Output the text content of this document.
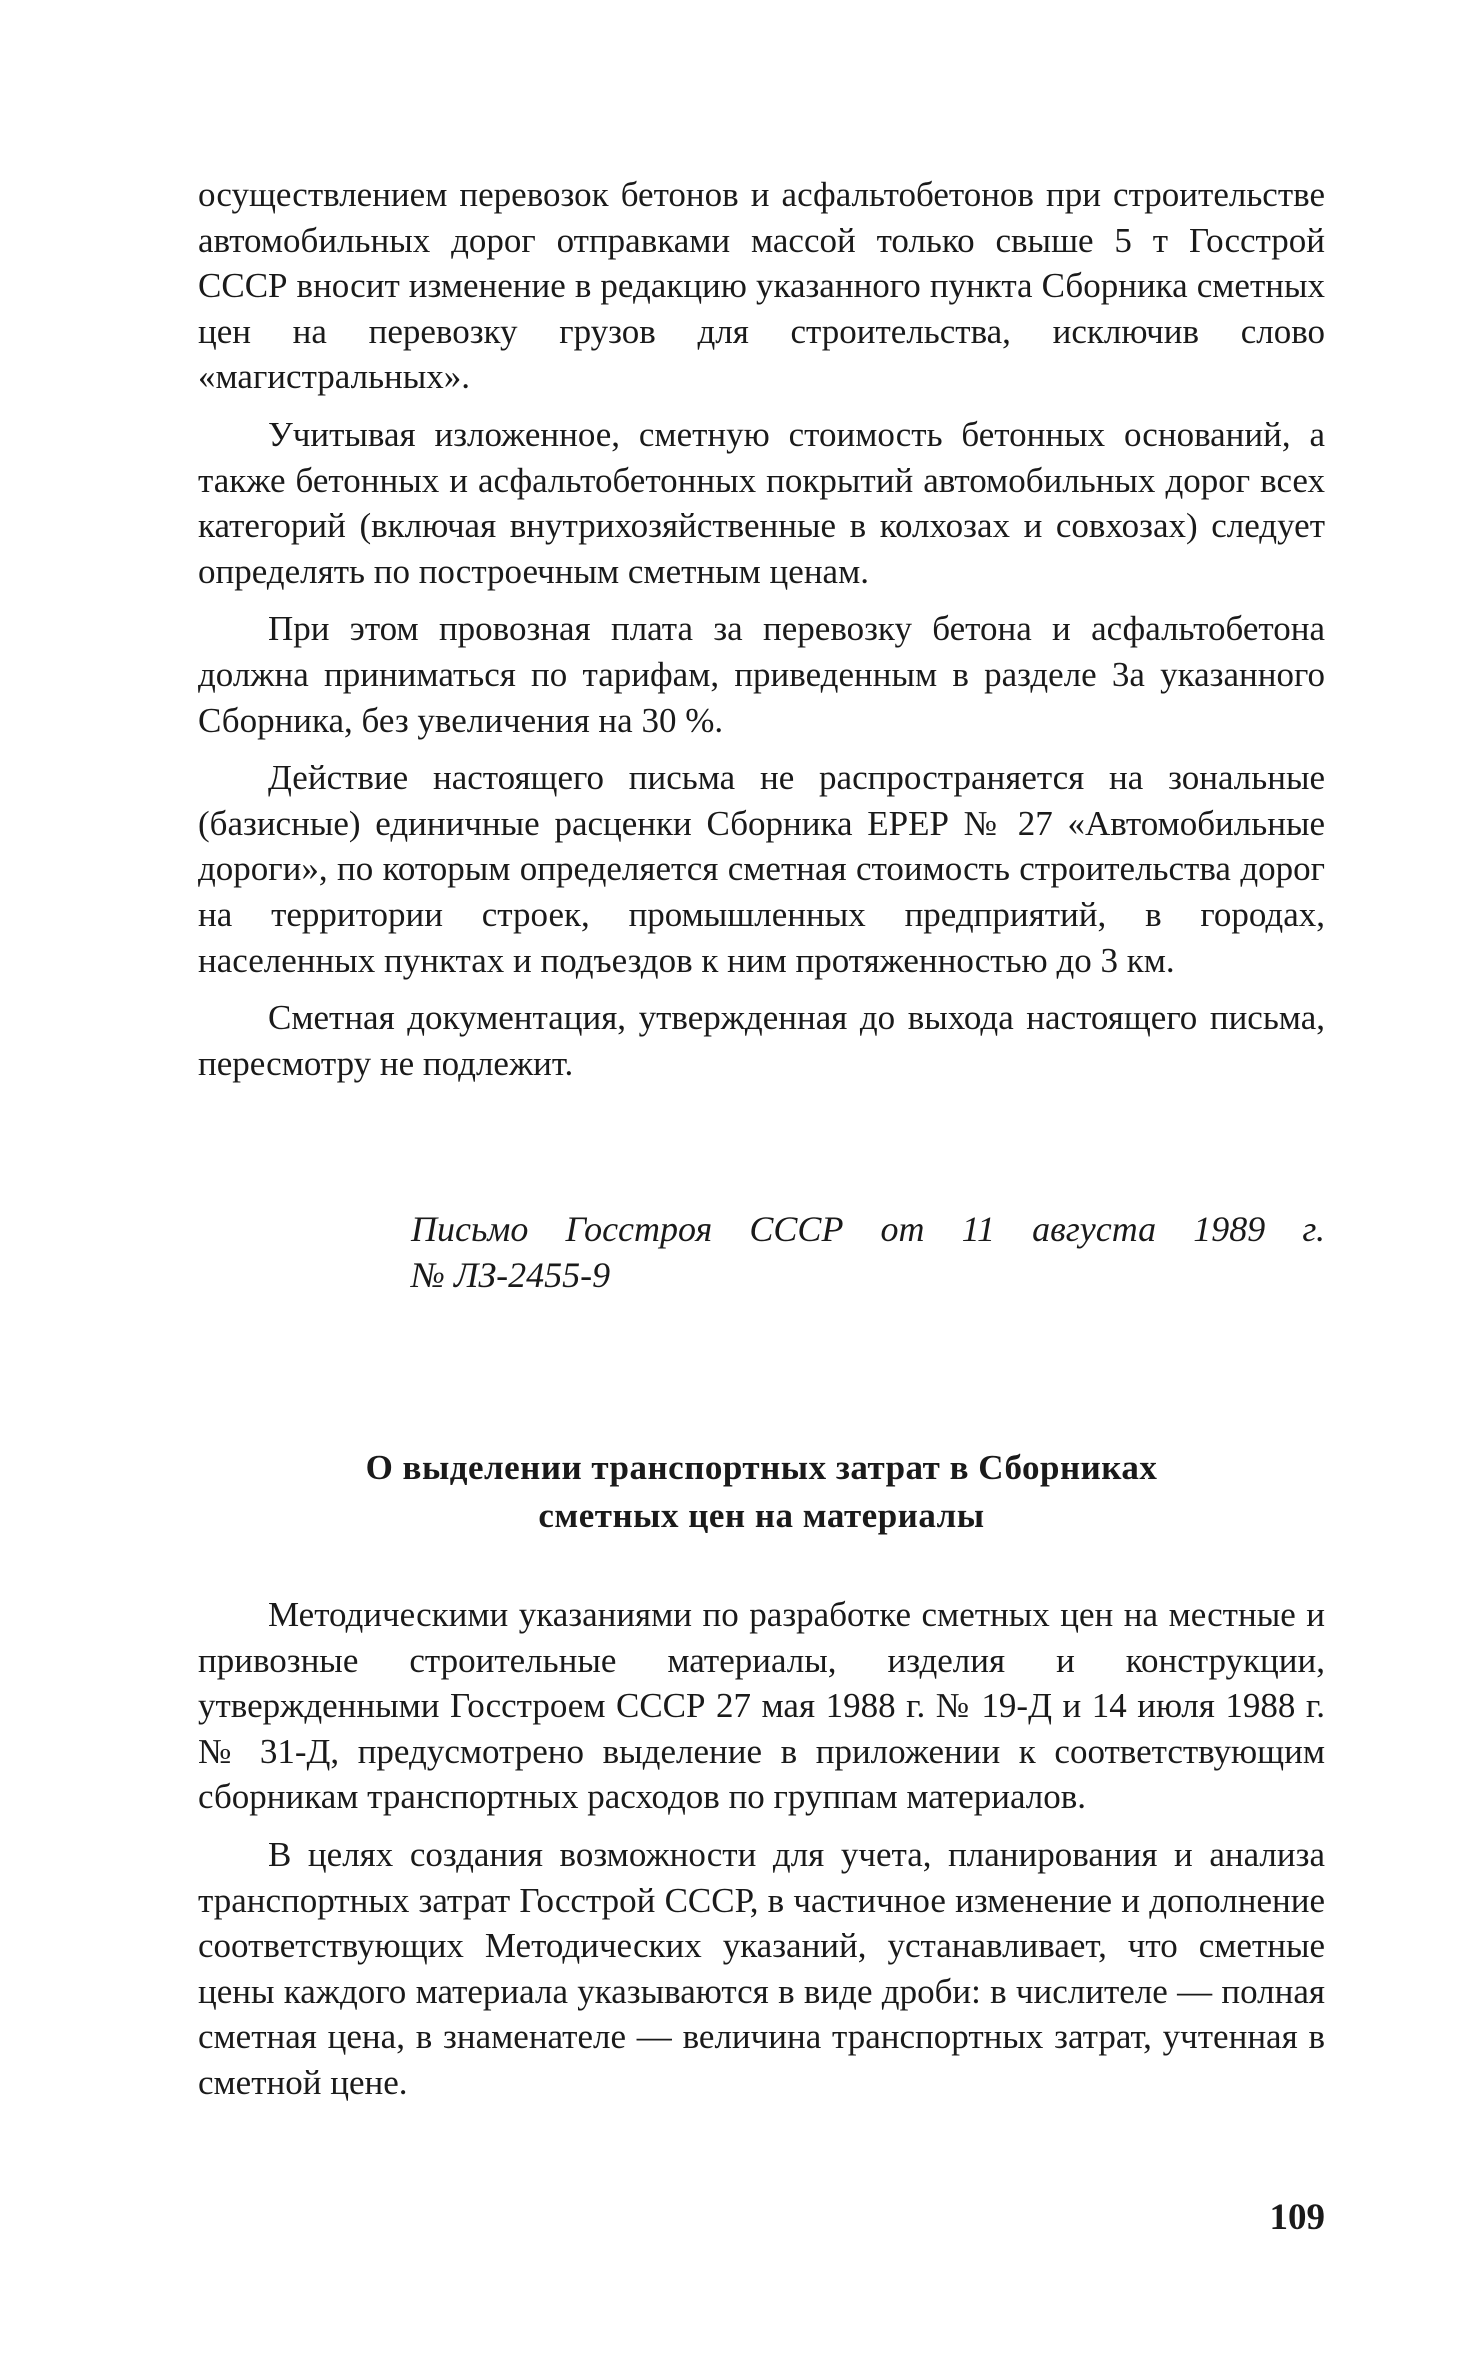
осуществлением перевозок бетонов и асфальтобетонов при строительстве автомобильных дорог отправками массой только свыше 5 т Госстрой СССР вносит изменение в редакцию указанного пункта Сборника сметных цен на перевозку грузов для строительства, исключив слово «магистральных».

Учитывая изложенное, сметную стоимость бетонных оснований, а также бетонных и асфальтобетонных покрытий автомобильных дорог всех категорий (включая внутрихозяйственные в колхозах и совхозах) следует определять по построечным сметным ценам.

При этом провозная плата за перевозку бетона и асфальтобетона должна приниматься по тарифам, приведенным в разделе 3а указанного Сборника, без увеличения на 30 %.

Действие настоящего письма не распространяется на зональные (базисные) единичные расценки Сборника ЕРЕР № 27 «Автомобильные дороги», по которым определяется сметная стоимость строительства дорог на территории строек, промышленных предприятий, в городах, населенных пунктах и подъездов к ним протяженностью до 3 км.

Сметная документация, утвержденная до выхода настоящего письма, пересмотру не подлежит.

Письмо Госстроя СССР от 11 августа 1989 г.
№ ЛЗ-2455-9
О выделении транспортных затрат в Сборниках
сметных цен на материалы

Методическими указаниями по разработке сметных цен на местные и привозные строительные материалы, изделия и конструкции, утвержденными Госстроем СССР 27 мая 1988 г. № 19-Д и 14 июля 1988 г. № 31-Д, предусмотрено выделение в приложении к соответствующим сборникам транспортных расходов по группам материалов.

В целях создания возможности для учета, планирования и анализа транспортных затрат Госстрой СССР, в частичное изменение и дополнение соответствующих Методических указаний, устанавливает, что сметные цены каждого материала указываются в виде дроби: в числителе — полная сметная цена, в знаменателе — величина транспортных затрат, учтенная в сметной цене.

109
